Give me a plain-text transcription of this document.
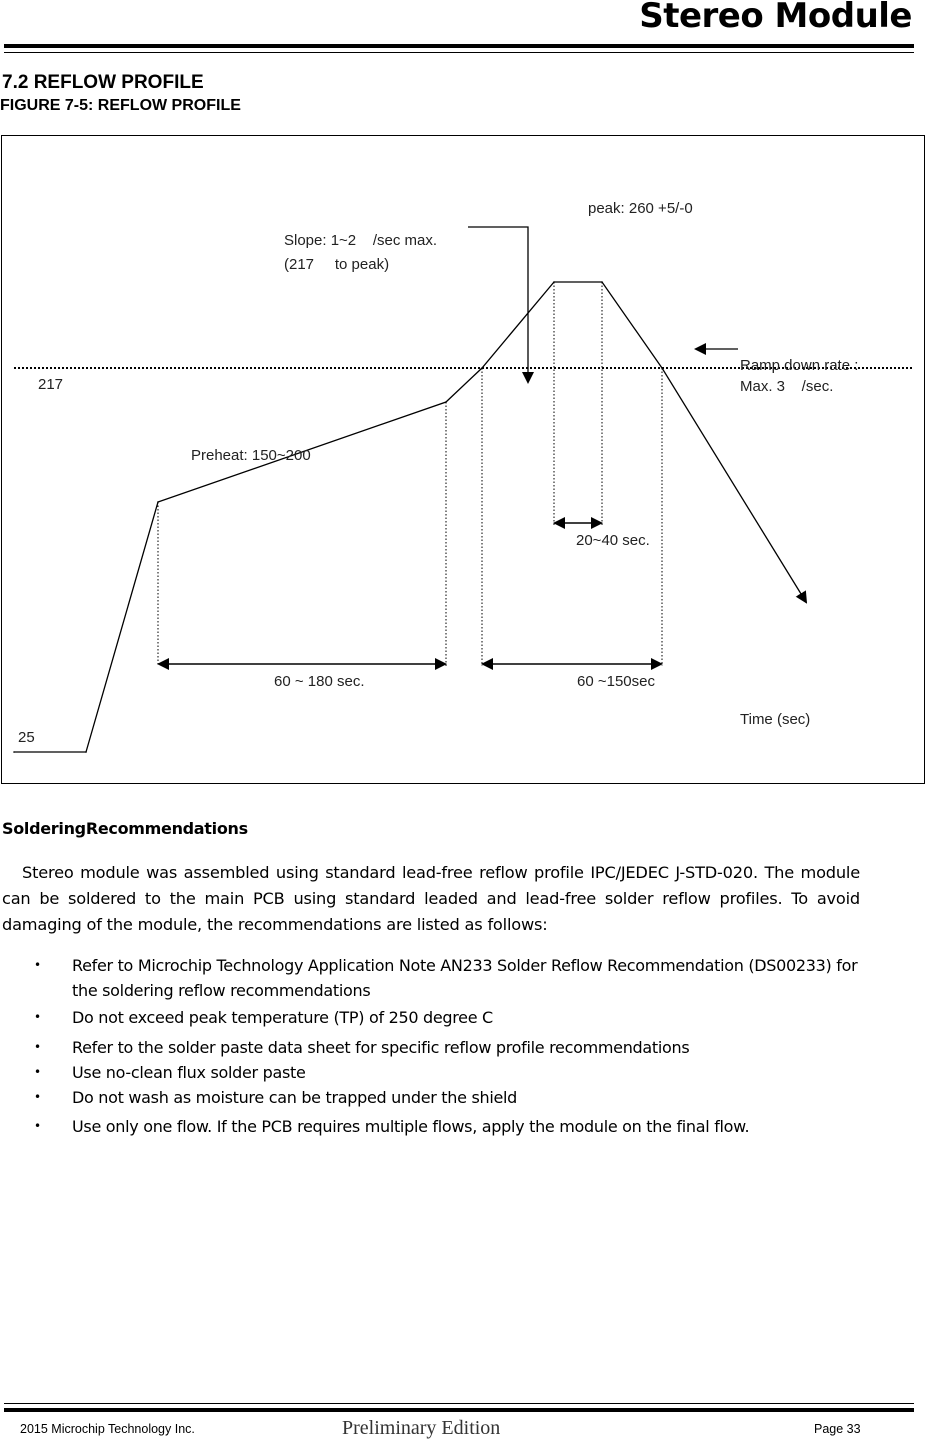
Stereo Module
7.2 REFLOW PROFILE
FIGURE 7-5: REFLOW PROFILE
217
25
peak: 260 +5/-0
Slope: 1~2    /sec max.
(217     to peak)
Ramp down rate :
Max. 3    /sec.
Preheat: 150~200
20~40 sec.
60 ~ 180 sec.	60 ~150sec
Time (sec)
SolderingRecommendations
Stereo module was assembled using standard lead-free reflow profile IPC/JEDEC J-STD-020. The module can be soldered to the main PCB using standard leaded and lead-free solder reflow profiles. To avoid damaging of the module, the recommendations are listed as follows:
• Refer to Microchip Technology Application Note AN233 Solder Reflow Recommendation (DS00233) for the soldering reflow recommendations
• Do not exceed peak temperature (TP) of 250 degree C
• Refer to the solder paste data sheet for specific reflow profile recommendations
• Use no-clean flux solder paste
• Do not wash as moisture can be trapped under the shield
• Use only one flow. If the PCB requires multiple flows, apply the module on the final flow.
2015 Microchip Technology Inc.	Preliminary Edition	Page 33
